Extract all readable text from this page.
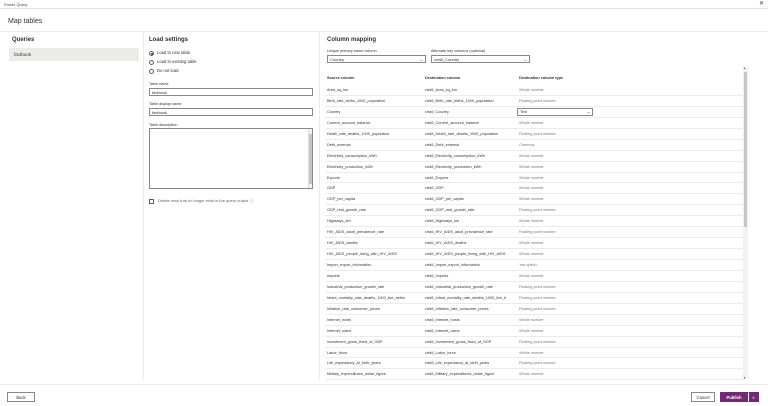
Power Query	✕
Map tables
Queries
factbook
Load settings
Load to new table
Load to existing table
Do not load
Table name
factbook
Table display name
factbook
Table description
Delete rows that no longer exist in the query output ⓘ
Column mapping
Unique primary name column
Country	⌄
Alternate key columns (optional)
crfa5_Country	⌄
Source column	Destination column	Destination column type
Area_sq_km	crfa5_Area_sq_km	Whole number
Birth_rate_births_1000_population	crfa5_Birth_rate_births_1000_population	Floating point number
Country	crfa5_Country	Text	⌄
Current_account_balance	crfa5_Current_account_balance	Whole number
Death_rate_deaths_1000_population	crfa5_Death_rate_deaths_1000_population	Floating point number
Debt_external	crfa5_Debt_external	Currency
Electricity_consumption_kWh	crfa5_Electricity_consumption_kWh	Whole number
Electricity_production_kWh	crfa5_Electricity_production_kWh	Whole number
Exports	crfa5_Exports	Whole number
GDP	crfa5_GDP	Whole number
GDP_per_capita	crfa5_GDP_per_capita	Whole number
GDP_real_growth_rate	crfa5_GDP_real_growth_rate	Floating point number
Highways_km	crfa5_Highways_km	Whole number
HIV_AIDS_adult_prevalence_rate	crfa5_HIV_AIDS_adult_prevalence_rate	Floating point number
HIV_AIDS_deaths	crfa5_HIV_AIDS_deaths	Whole number
HIV_AIDS_people_living_with_HIV_AIDS	crfa5_HIV_AIDS_people_living_with_HIV_AIDS	Whole number
Import_export_information	crfa5_Import_export_information	Yes option
Imports	crfa5_Imports	Whole number
Industrial_production_growth_rate	crfa5_Industrial_production_growth_rate	Floating point number
Infant_mortality_rate_deaths_1000_live_births	crfa5_Infant_mortality_rate_deaths_1000_live_b	Floating point number
Inflation_rate_consumer_prices	crfa5_Inflation_rate_consumer_prices	Floating point number
Internet_hosts	crfa5_Internet_hosts	Whole number
Internet_users	crfa5_Internet_users	Whole number
Investment_gross_fixed_of_GDP	crfa5_Investment_gross_fixed_of_GDP	Floating point number
Labor_force	crfa5_Labor_force	Whole number
Life_expectancy_at_birth_years	crfa5_Life_expectancy_at_birth_years	Floating point number
Military_expenditures_dollar_figure	crfa5_Military_expenditures_dollar_figure	Whole number
▲
▼
Back	Cancel	Publish	∨
